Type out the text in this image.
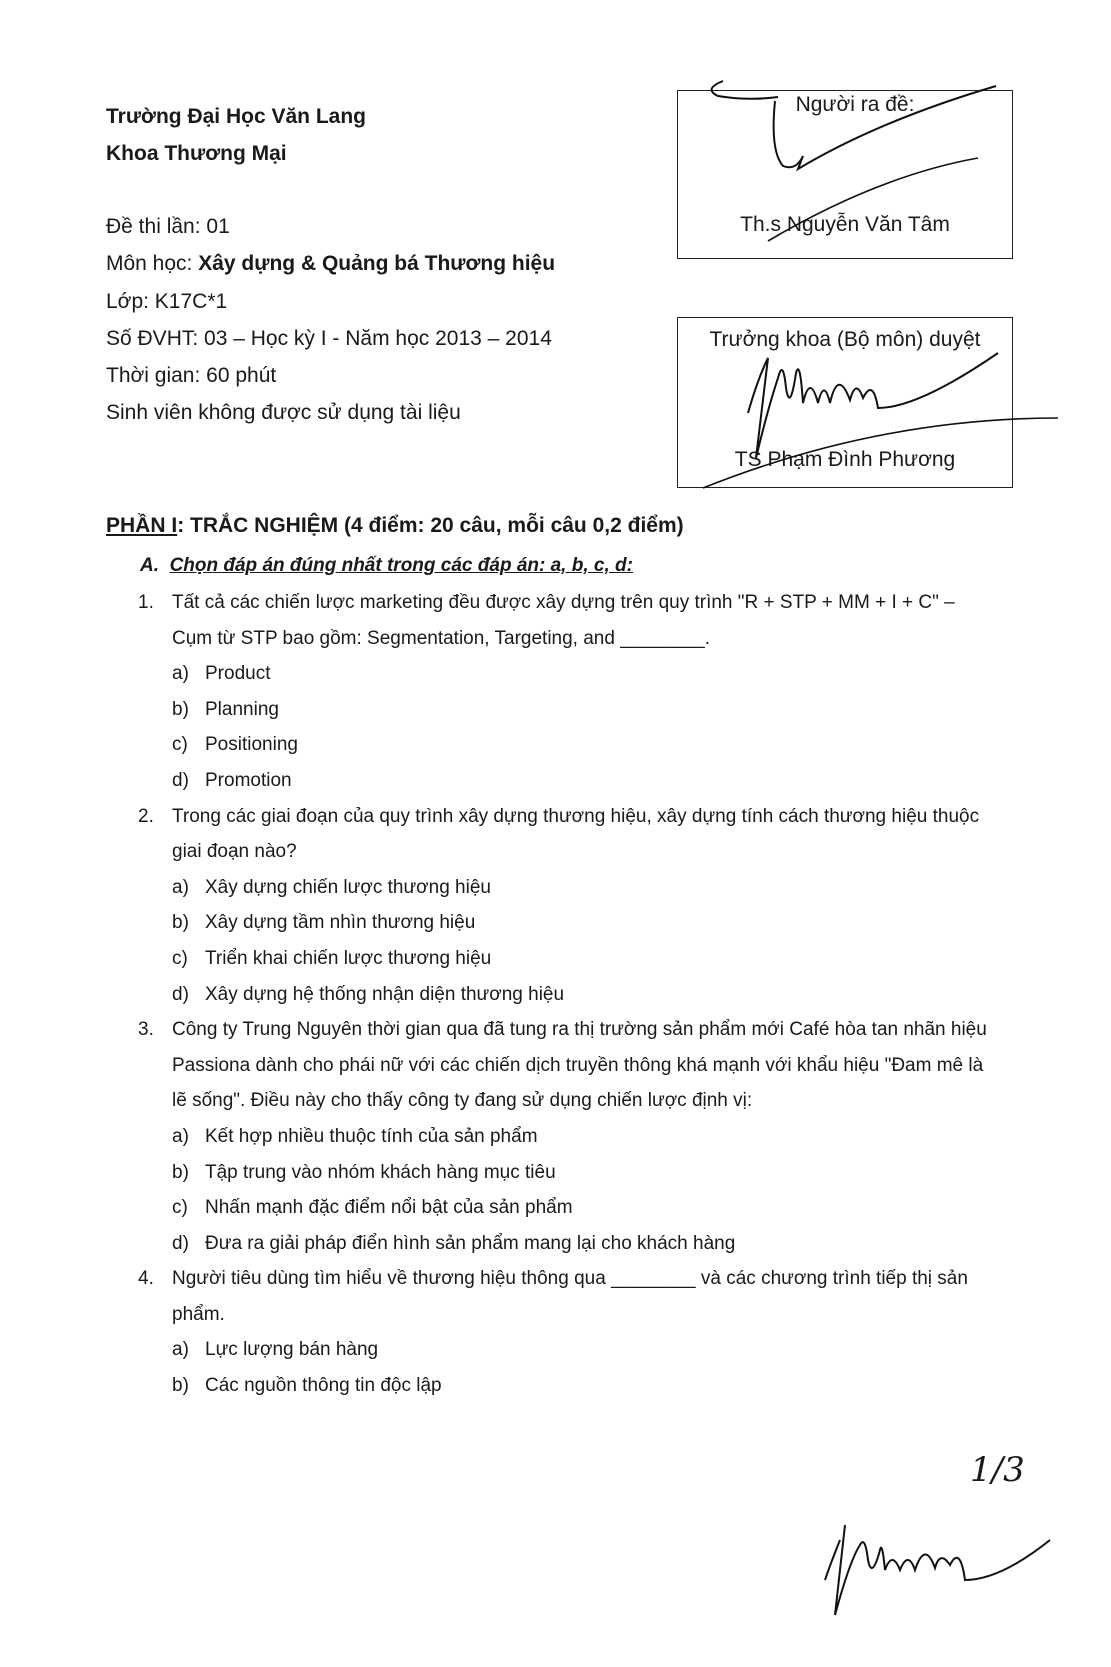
Trường Đại Học Văn Lang
Khoa Thương Mại
Đề thi lần: 01
Môn học: Xây dựng & Quảng bá Thương hiệu
Lớp: K17C*1
Số ĐVHT: 03 – Học kỳ I - Năm học 2013 – 2014
Thời gian: 60 phút
Sinh viên không được sử dụng tài liệu
Người ra đề:
Th.s Nguyễn Văn Tâm
Trưởng khoa (Bộ môn) duyệt
TS Phạm Đình Phương
PHẦN I: TRẮC NGHIỆM (4 điểm: 20 câu, mỗi câu 0,2 điểm)
A. Chọn đáp án đúng nhất trong các đáp án: a, b, c, d:
1. Tất cả các chiến lược marketing đều được xây dựng trên quy trình "R + STP + MM + I + C" – Cụm từ STP bao gồm: Segmentation, Targeting, and ________.
a) Product
b) Planning
c) Positioning
d) Promotion
2. Trong các giai đoạn của quy trình xây dựng thương hiệu, xây dựng tính cách thương hiệu thuộc giai đoạn nào?
a) Xây dựng chiến lược thương hiệu
b) Xây dựng tầm nhìn thương hiệu
c) Triển khai chiến lược thương hiệu
d) Xây dựng hệ thống nhận diện thương hiệu
3. Công ty Trung Nguyên thời gian qua đã tung ra thị trường sản phẩm mới Café hòa tan nhãn hiệu Passiona dành cho phái nữ với các chiến dịch truyền thông khá mạnh với khẩu hiệu "Đam mê là lẽ sống". Điều này cho thấy công ty đang sử dụng chiến lược định vị:
a) Kết hợp nhiều thuộc tính của sản phẩm
b) Tập trung vào nhóm khách hàng mục tiêu
c) Nhấn mạnh đặc điểm nổi bật của sản phẩm
d) Đưa ra giải pháp điển hình sản phẩm mang lại cho khách hàng
4. Người tiêu dùng tìm hiểu về thương hiệu thông qua ________ và các chương trình tiếp thị sản phẩm.
a) Lực lượng bán hàng
b) Các nguồn thông tin độc lập
1/3
